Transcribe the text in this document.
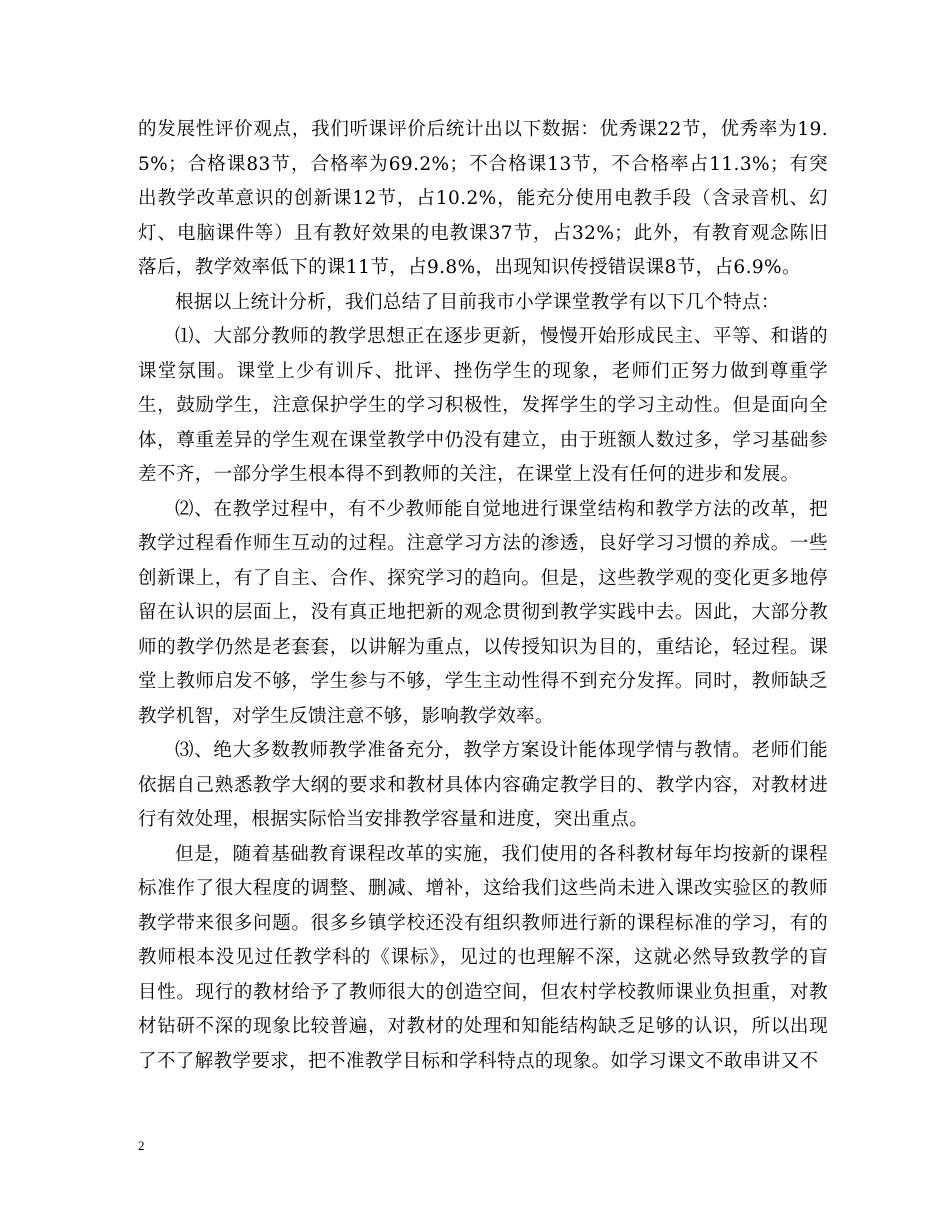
的发展性评价观点，我们听课评价后统计出以下数据：优秀课22节，优秀率为19.5%；合格课83节，合格率为69.2%；不合格课13节，不合格率占11.3%；有突出教学改革意识的创新课12节，占10.2%，能充分使用电教手段（含录音机、幻灯、电脑课件等）且有教好效果的电教课37节，占32%；此外，有教育观念陈旧落后，教学效率低下的课11节，占9.8%，出现知识传授错误课8节，占6.9%。

根据以上统计分析，我们总结了目前我市小学课堂教学有以下几个特点：

⑴、大部分教师的教学思想正在逐步更新，慢慢开始形成民主、平等、和谐的课堂氛围。课堂上少有训斥、批评、挫伤学生的现象，老师们正努力做到尊重学生，鼓励学生，注意保护学生的学习积极性，发挥学生的学习主动性。但是面向全体，尊重差异的学生观在课堂教学中仍没有建立，由于班额人数过多，学习基础参差不齐，一部分学生根本得不到教师的关注，在课堂上没有任何的进步和发展。

⑵、在教学过程中，有不少教师能自觉地进行课堂结构和教学方法的改革，把教学过程看作师生互动的过程。注意学习方法的渗透，良好学习习惯的养成。一些创新课上，有了自主、合作、探究学习的趋向。但是，这些教学观的变化更多地停留在认识的层面上，没有真正地把新的观念贯彻到教学实践中去。因此，大部分教师的教学仍然是老套套，以讲解为重点，以传授知识为目的，重结论，轻过程。课堂上教师启发不够，学生参与不够，学生主动性得不到充分发挥。同时，教师缺乏教学机智，对学生反馈注意不够，影响教学效率。

⑶、绝大多数教师教学准备充分，教学方案设计能体现学情与教情。老师们能依据自己熟悉教学大纲的要求和教材具体内容确定教学目的、教学内容，对教材进行有效处理，根据实际恰当安排教学容量和进度，突出重点。

但是，随着基础教育课程改革的实施，我们使用的各科教材每年均按新的课程标准作了很大程度的调整、删减、增补，这给我们这些尚未进入课改实验区的教师教学带来很多问题。很多乡镇学校还没有组织教师进行新的课程标准的学习，有的教师根本没见过任教学科的《课标》，见过的也理解不深，这就必然导致教学的盲目性。现行的教材给予了教师很大的创造空间，但农村学校教师课业负担重，对教材钻研不深的现象比较普遍，对教材的处理和知能结构缺乏足够的认识，所以出现了不了解教学要求，把不准教学目标和学科特点的现象。如学习课文不敢串讲又不

2
